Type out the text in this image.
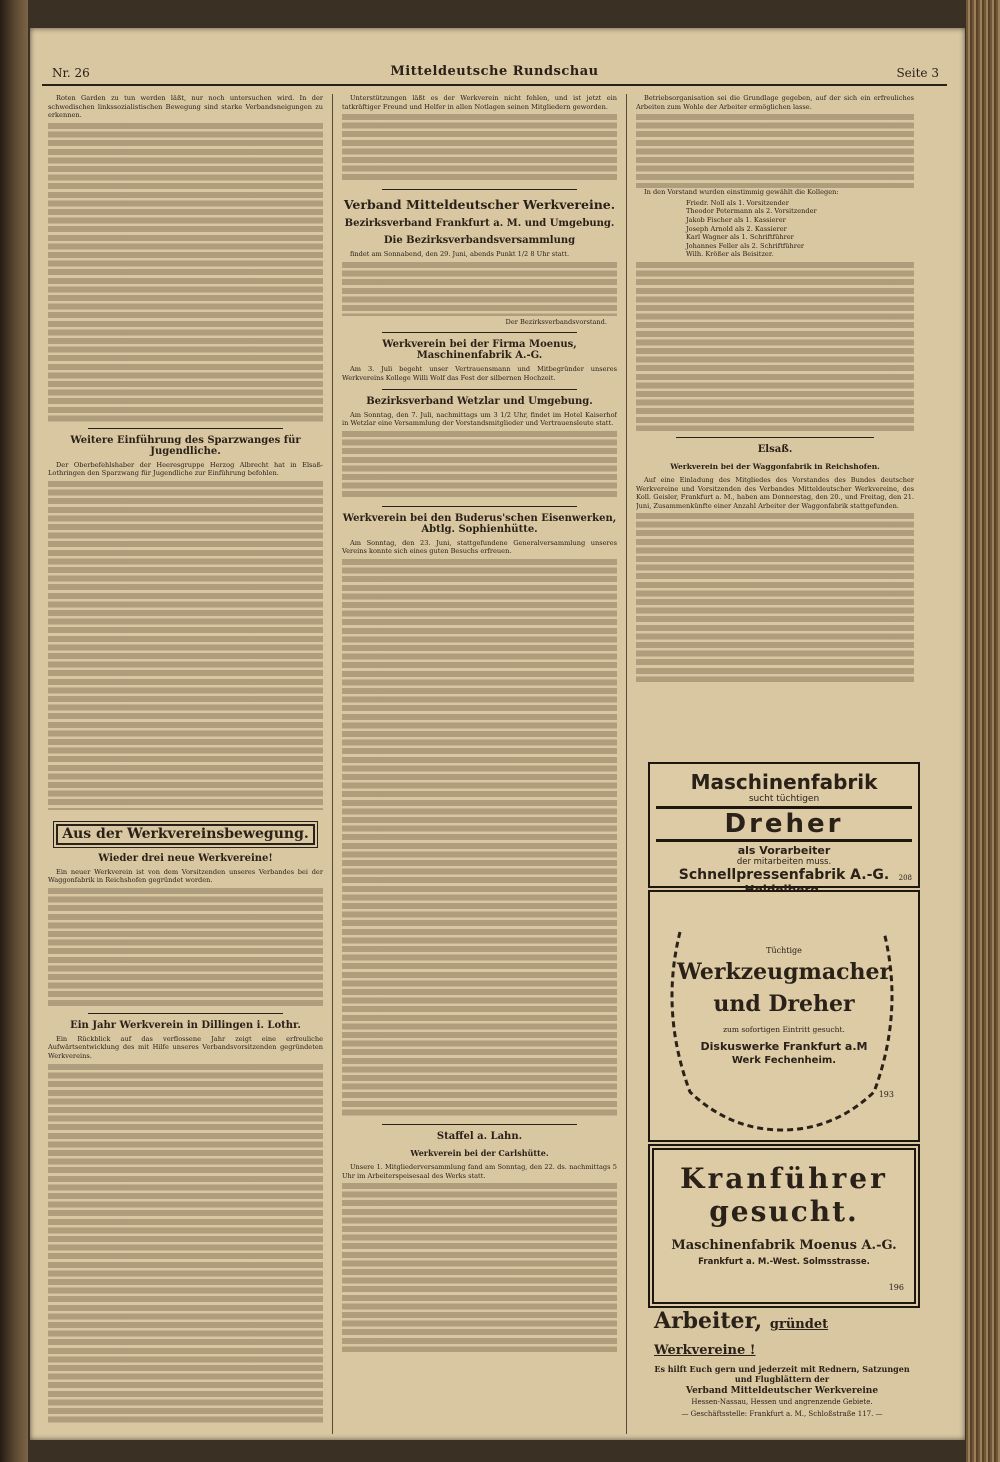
Nr. 26	Mitteldeutsche Rundschau	Seite 3

Roten Garden zu tun werden läßt, nur noch untersuchen wird. In der schwedischen linkssozialistischen Bewegung sind starke Verbandsneigungen zu erkennen.

Weitere Einführung des Sparzwanges für Jugendliche.

Der Oberbefehlshaber der Heeresgruppe Herzog Albrecht hat in Elsaß-Lothringen den Sparzwang für Jugendliche zur Einführung befohlen.

Aus der Werkvereinsbewegung.
Wieder drei neue Werkvereine!

Ein neuer Werkverein ist von dem Vorsitzenden unseres Verbandes bei der Waggonfabrik in Reichshofen gegründet worden.

Ein Jahr Werkverein in Dillingen i. Lothr.

Ein Rückblick auf das verflossene Jahr zeigt eine erfreuliche Aufwärtsentwicklung des mit Hilfe unseres Verbandsvorsitzenden gegründeten Werkvereins.

Unterstützungen läßt es der Werkverein nicht fehlen, und ist jetzt ein tatkräftiger Freund und Helfer in allen Notlagen seinen Mitgliedern geworden.

Verband Mitteldeutscher Werkvereine.
Bezirksverband Frankfurt a. M. und Umgebung.
Die Bezirksverbandsversammlung

findet am Sonnabend, den 29. Juni, abends Punkt 1/2 8 Uhr statt.

Der Bezirksverbandsvorstand.
Werkverein bei der Firma Moenus, Maschinenfabrik A.-G.

Am 3. Juli begeht unser Vertrauensmann und Mitbegründer unseres Werkvereins Kollege Willi Wolf das Fest der silbernen Hochzeit.

Bezirksverband Wetzlar und Umgebung.

Am Sonntag, den 7. Juli, nachmittags um 3 1/2 Uhr, findet im Hotel Kaiserhof in Wetzlar eine Versammlung der Vorstandsmitglieder und Vertrauensleute statt.

Werkverein bei den Buderus'schen Eisenwerken, Abtlg. Sophienhütte.

Am Sonntag, den 23. Juni, stattgefundene Generalversammlung unseres Vereins konnte sich eines guten Besuchs erfreuen.

Staffel a. Lahn.
Werkverein bei der Carlshütte.

Unsere 1. Mitgliederversammlung fand am Sonntag, den 22. ds. nachmittags 5 Uhr im Arbeiterspeisesaal des Werks statt.

Betriebsorganisation sei die Grundlage gegeben, auf der sich ein erfreuliches Arbeiten zum Wohle der Arbeiter ermöglichen lasse.

In den Vorstand wurden einstimmig gewählt die Kollegen:

Friedr. Noll als 1. Vorsitzender
Theodor Petermann als 2. Vorsitzender
Jakob Fischer als 1. Kassierer
Joseph Arnold als 2. Kassierer
Karl Wagner als 1. Schriftführer
Johannes Feller als 2. Schriftführer
Wilh. Krößer als Beisitzer.
Elsaß.
Werkverein bei der Waggonfabrik in Reichshofen.

Auf eine Einladung des Mitgliedes des Vorstandes des Bundes deutscher Werkvereine und Vorsitzenden des Verbandes Mitteldeutscher Werkvereine, des Koll. Geisler, Frankfurt a. M., haben am Donnerstag, den 20., und Freitag, den 21. Juni, Zusammenkünfte einer Anzahl Arbeiter der Waggonfabrik stattgefunden.

Maschinenfabrik
sucht tüchtigen
Dreher
als Vorarbeiter
der mitarbeiten muss.
Schnellpressenfabrik A.-G.	208
Tüchtige
Werkzeugmacher
und Dreher
zum sofortigen Eintritt gesucht.
Diskuswerke Frankfurt a.M
Werk Fechenheim.
193
Kranführer
gesucht.
Maschinenfabrik Moenus A.-G.
Frankfurt a. M.-West. Solmsstrasse.
196
Arbeiter, gründet Werkvereine !
Es hilft Euch gern und jederzeit mit Rednern, Satzungen und Flugblättern der
Verband Mitteldeutscher Werkvereine
Hessen-Nassau, Hessen und angrenzende Gebiete.
— Geschäftsstelle: Frankfurt a. M., Schloßstraße 117. —
